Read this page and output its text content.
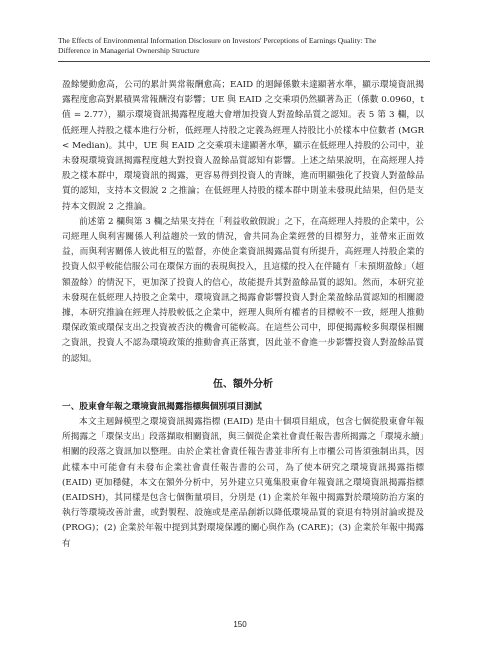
The Effects of Environmental Information Disclosure on Investors' Perceptions of Earnings Quality: The
Difference in Managerial Ownership Structure

盈餘變動愈高，公司的累計異常報酬愈高；EAID 的迴歸係數未達顯著水準，顯示環境資訊揭露程度愈高對累積異常報酬沒有影響；UE 與 EAID 之交乘項仍然顯著為正（係數 0.0960，t 值 = 2.77），顯示環境資訊揭露程度越大會增加投資人對盈餘品質之認知。表 5 第 3 欄，以低經理人持股之樣本進行分析，低經理人持股之定義為經理人持股比小於樣本中位數者 (MGR < Median)。其中，UE 與 EAID 之交乘項未達顯著水準，顯示在低經理人持股的公司中，並未發現環境資訊揭露程度越大對投資人盈餘品質認知有影響。上述之結果說明，在高經理人持股之樣本群中，環境資訊的揭露，更容易得到投資人的青睞，進而明顯強化了投資人對盈餘品質的認知，支持本文假說 2 之推論；在低經理人持股的樣本群中則並未發現此結果，但仍是支持本文假說 2 之推論。

前述第 2 欄與第 3 欄之結果支持在「利益收斂假說」之下，在高經理人持股的企業中，公司經理人與利害關係人利益趨於一致的情況，會共同為企業經營的目標努力，並帶來正面效益，而與利害關係人彼此相互的監督，亦使企業資訊揭露品質有所提升，高經理人持股企業的投資人似乎較能信服公司在環保方面的表現與投入，且這樣的投入在伴隨有「未預期盈餘」（超額盈餘）的情況下，更加深了投資人的信心，故能提升其對盈餘品質的認知。然而，本研究並未發現在低經理人持股之企業中，環境資訊之揭露會影響投資人對企業盈餘品質認知的相關證據，本研究推論在經理人持股較低之企業中，經理人與所有權者的目標較不一致，經理人推動環保政策或環保支出之投資被否決的機會可能較高。在這些公司中，即便揭露較多與環保相關之資訊，投資人不認為環境政策的推動會真正落實，因此並不會進一步影響投資人對盈餘品質的認知。

伍、額外分析
一、股東會年報之環境資訊揭露指標與個別項目測試

本文主迴歸模型之環境資訊揭露指標 (EAID) 是由十個項目組成，包含七個從股東會年報所揭露之「環保支出」段落擷取相關資訊，與三個從企業社會責任報告書所揭露之「環境永續」相關的段落之資訊加以整理。由於企業社會責任報告書並非所有上市櫃公司皆須強制出具，因此樣本中可能會有未發布企業社會責任報告書的公司，為了使本研究之環境資訊揭露指標 (EAID) 更加穩健，本文在額外分析中，另外建立只蒐集股東會年報資訊之環境資訊揭露指標 (EAIDSH)，其同樣是包含七個衡量項目，分別是 (1) 企業於年報中揭露對於環境防治方案的執行等環境改善計畫，或對製程、設施或是產品創新以降低環境品質的衰退有特別討論或提及 (PROG)；(2) 企業於年報中提到其對環境保護的關心與作為 (CARE)；(3) 企業於年報中揭露有

150
